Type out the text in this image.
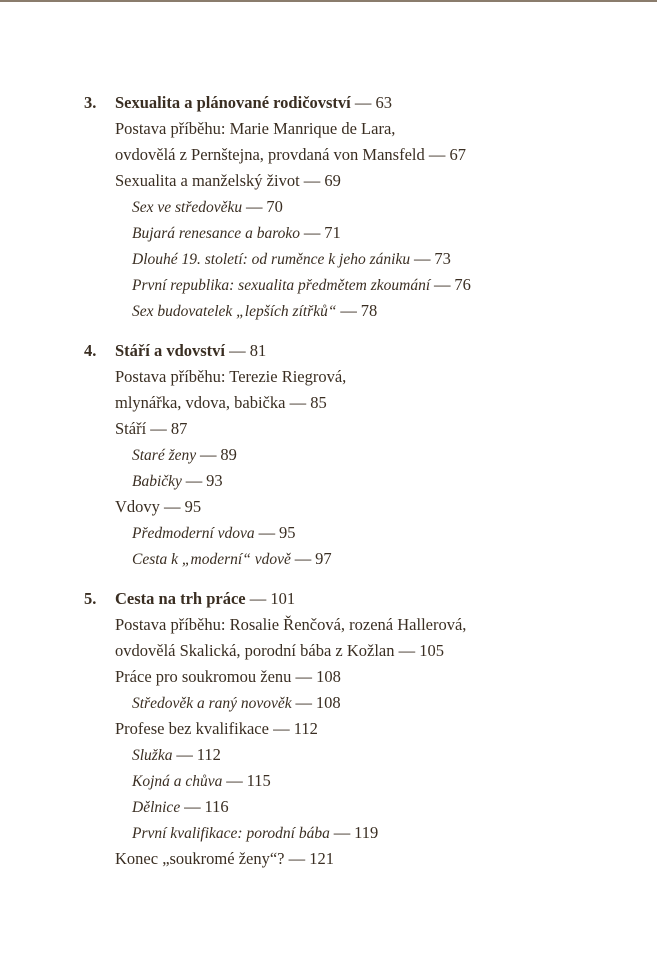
3. Sexualita a plánované rodičovství — 63
Postava příběhu: Marie Manrique de Lara,
ovdovělá z Pernštejna, provdaná von Mansfeld — 67
Sexualita a manželský život — 69
Sex ve středověku — 70
Bujará renesance a baroko — 71
Dlouhé 19. století: od ruměnce k jeho zániku — 73
První republika: sexualita předmětem zkoumání — 76
Sex budovatelek „lepších zítřků“ — 78
4. Stáří a vdovství — 81
Postava příběhu: Terezie Riegrová,
mlynářka, vdova, babička — 85
Stáří — 87
Staré ženy — 89
Babičky — 93
Vdovy — 95
Předmoderní vdova — 95
Cesta k „moderní“ vdově — 97
5. Cesta na trh práce — 101
Postava příběhu: Rosalie Řenčová, rozená Hallerová,
ovdovělá Skalická, porodní bába z Kožlan — 105
Práce pro soukromou ženu — 108
Středověk a raný novověk — 108
Profese bez kvalifikace — 112
Služka — 112
Kojná a chůva — 115
Dělnice — 116
První kvalifikace: porodní bába — 119
Konec „soukromé ženy“? — 121
